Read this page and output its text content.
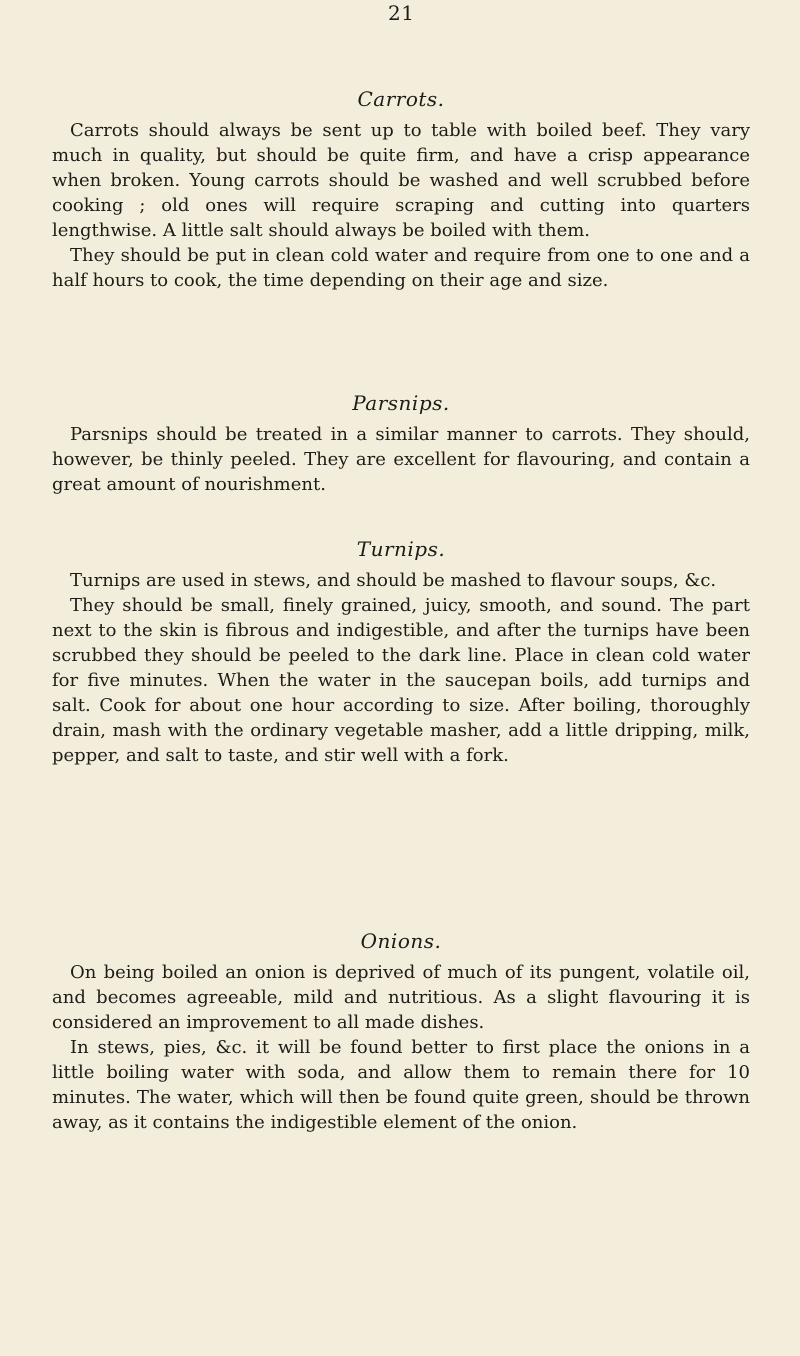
21
Carrots.

Carrots should always be sent up to table with boiled beef. They vary much in quality, but should be quite firm, and have a crisp appearance when broken. Young carrots should be washed and well scrubbed before cooking ; old ones will require scraping and cutting into quarters lengthwise. A little salt should always be boiled with them.

They should be put in clean cold water and require from one to one and a half hours to cook, the time depending on their age and size.

Parsnips.

Parsnips should be treated in a similar manner to carrots. They should, however, be thinly peeled. They are excellent for flavouring, and contain a great amount of nourishment.

Turnips.

Turnips are used in stews, and should be mashed to flavour soups, &c.

They should be small, finely grained, juicy, smooth, and sound. The part next to the skin is fibrous and indigestible, and after the turnips have been scrubbed they should be peeled to the dark line. Place in clean cold water for five minutes. When the water in the saucepan boils, add turnips and salt. Cook for about one hour according to size. After boiling, thoroughly drain, mash with the ordinary vegetable masher, add a little dripping, milk, pepper, and salt to taste, and stir well with a fork.

Onions.

On being boiled an onion is deprived of much of its pungent, volatile oil, and becomes agreeable, mild and nutritious. As a slight flavouring it is considered an improvement to all made dishes.

In stews, pies, &c. it will be found better to first place the onions in a little boiling water with soda, and allow them to remain there for 10 minutes. The water, which will then be found quite green, should be thrown away, as it contains the indigestible element of the onion.
